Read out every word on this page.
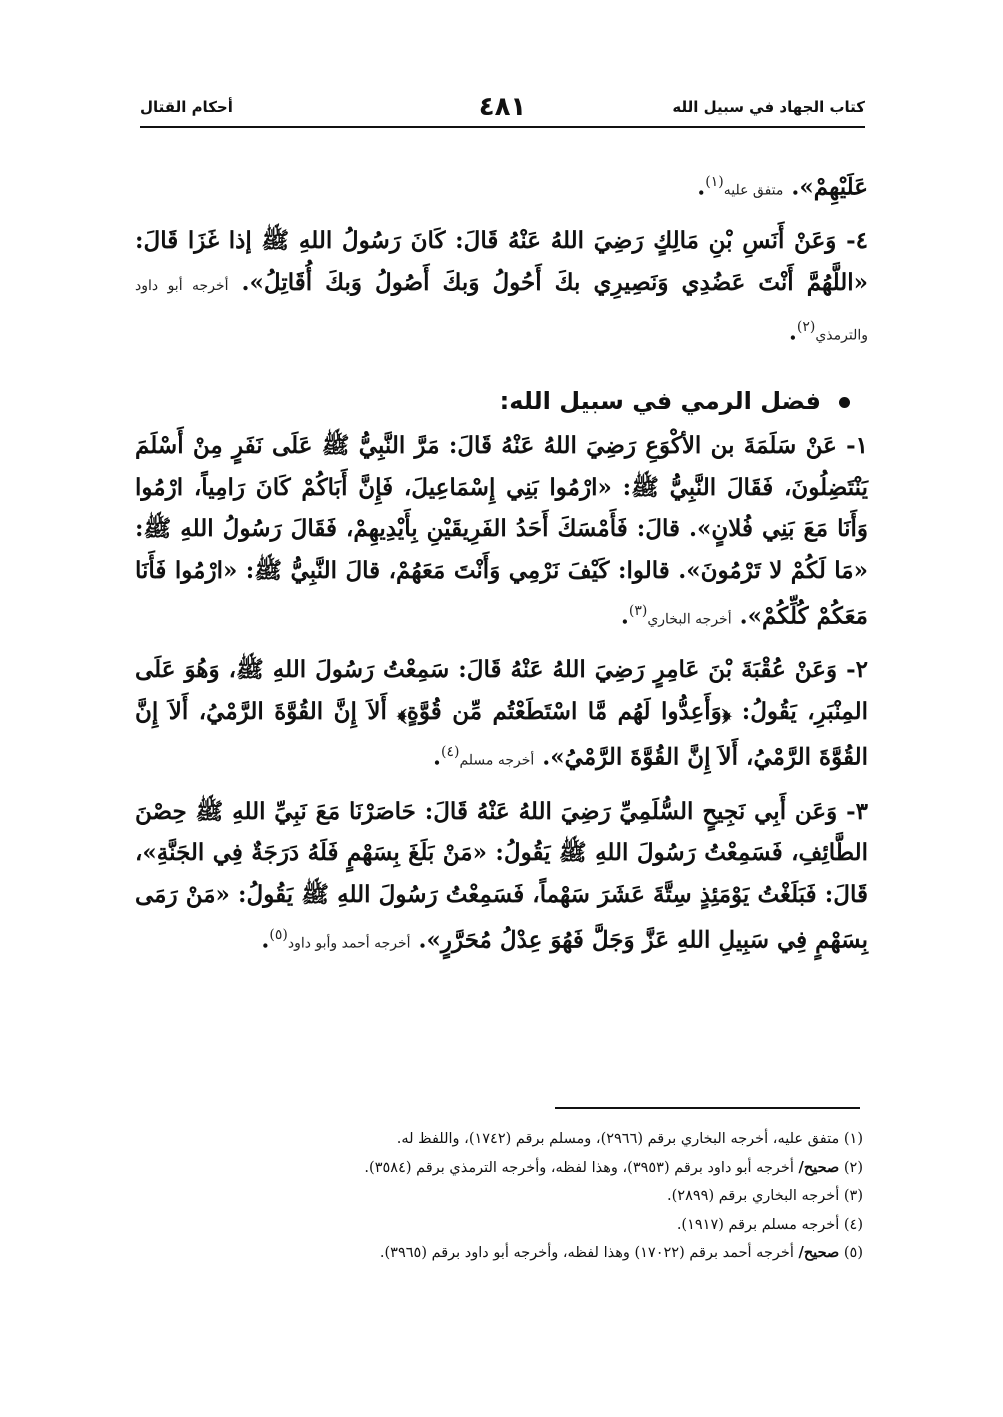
كتاب الجهاد في سبيل الله
٤٨١
أحكام القتال

عَلَيْهِمْ». متفق عليه$^{(١)}$.

٤- وَعَنْ أَنَسِ بْنِ مَالِكٍ رَضِيَ اللهُ عَنْهُ قَالَ: كَانَ رَسُولُ اللهِ ﷺ إذا غَزَا قَالَ: «اللَّهُمَّ أَنْتَ عَضُدِي وَنَصِيرِي بكَ أَحُولُ وَبكَ أَصُولُ وَبكَ أُقَاتِلُ». أخرجه أبو داود والترمذي$^{(٢)}$.

فضل الرمي في سبيل الله:

١- عَنْ سَلَمَةَ بن الأكْوَعِ رَضِيَ اللهُ عَنْهُ قَالَ: مَرَّ النَّبِيُّ ﷺ عَلَى نَفَرٍ مِنْ أَسْلَمَ يَنْتَضِلُونَ، فَقَالَ النَّبِيُّ ﷺ: «ارْمُوا بَنِي إِسْمَاعِيلَ، فَإِنَّ أَبَاكُمْ كَانَ رَامِياً، ارْمُوا وَأَنَا مَعَ بَنِي فُلانٍ». قالَ: فَأَمْسَكَ أَحَدُ الفَرِيقَيْنِ بِأَيْدِيهِمْ، فَقَالَ رَسُولُ اللهِ ﷺ: «مَا لَكُمْ لا تَرْمُونَ». قالوا: كَيْفَ نَرْمِي وَأَنْتَ مَعَهُمْ، قالَ النَّبِيُّ ﷺ: «ارْمُوا فَأَنَا مَعَكُمْ كُلِّكُمْ». أخرجه البخاري$^{(٣)}$.

٢- وَعَنْ عُقْبَةَ بْنَ عَامِرٍ رَضِيَ اللهُ عَنْهُ قَالَ: سَمِعْتُ رَسُولَ اللهِ ﷺ، وَهُوَ عَلَى المِنْبَرِ، يَقُولُ: ﴿وَأَعِدُّوا لَهُم مَّا اسْتَطَعْتُم مِّن قُوَّةٍ﴾ أَلاَ إِنَّ القُوَّةَ الرَّمْيُ، أَلاَ إِنَّ القُوَّةَ الرَّمْيُ، أَلاَ إِنَّ القُوَّةَ الرَّمْيُ». أخرجه مسلم$^{(٤)}$.

٣- وَعَن أَبِي نَجِيحٍ السُّلَمِيِّ رَضِيَ اللهُ عَنْهُ قَالَ: حَاصَرْنَا مَعَ نَبِيِّ اللهِ ﷺ حِصْنَ الطَّائِفِ، فَسَمِعْتُ رَسُولَ اللهِ ﷺ يَقُولُ: «مَنْ بَلَغَ بِسَهْمٍ فَلَهُ دَرَجَةٌ فِي الجَنَّةِ»، قَالَ: فَبَلَغْتُ يَوْمَئِذٍ سِتَّةَ عَشَرَ سَهْماً، فَسَمِعْتُ رَسُولَ اللهِ ﷺ يَقُولُ: «مَنْ رَمَى بِسَهْمٍ فِي سَبِيلِ اللهِ عَزَّ وَجَلَّ فَهُوَ عِدْلُ مُحَرَّرٍ». أخرجه أحمد وأبو داود$^{(٥)}$.

(١) متفق عليه، أخرجه البخاري برقم (٢٩٦٦)، ومسلم برقم (١٧٤٢)، واللفظ له.

(٢) صحيح/ أخرجه أبو داود برقم (٣٩٥٣)، وهذا لفظه، وأخرجه الترمذي برقم (٣٥٨٤).

(٣) أخرجه البخاري برقم (٢٨٩٩).

(٤) أخرجه مسلم برقم (١٩١٧).

(٥) صحيح/ أخرجه أحمد برقم (١٧٠٢٢) وهذا لفظه، وأخرجه أبو داود برقم (٣٩٦٥).
